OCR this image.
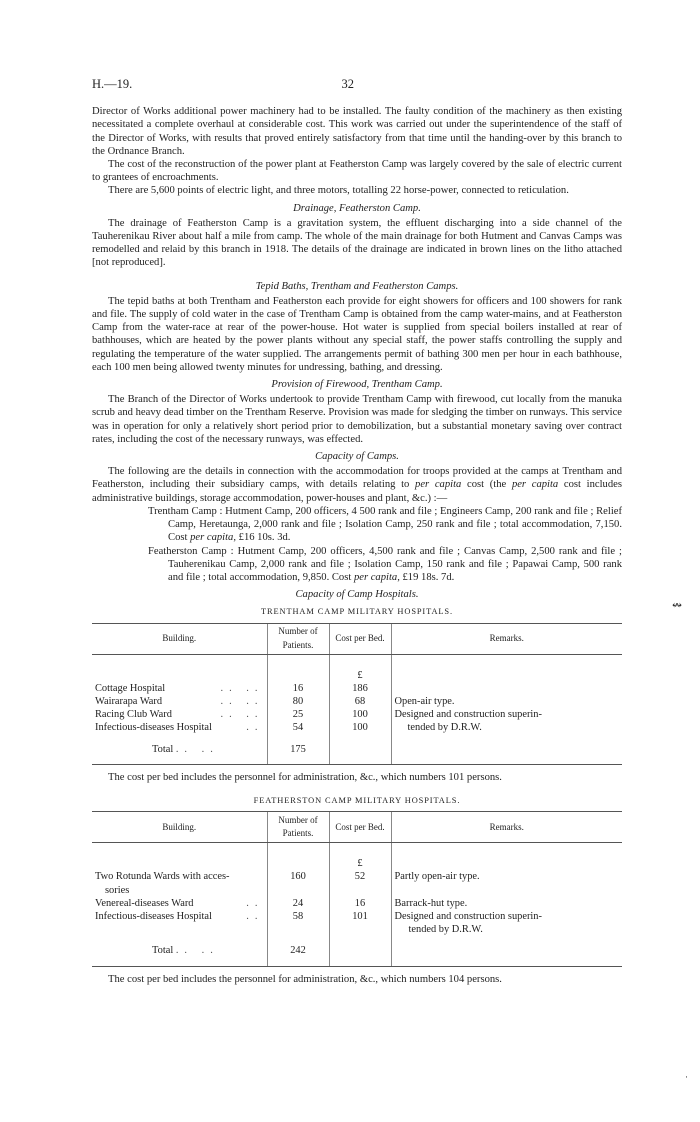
H.—19.	32

Director of Works additional power machinery had to be installed. The faulty condition of the machinery as then existing necessitated a complete overhaul at considerable cost. This work was carried out under the superintendence of the staff of the Director of Works, with results that proved entirely satisfactory from that time until the handing-over by this branch to the Ordnance Branch.

The cost of the reconstruction of the power plant at Featherston Camp was largely covered by the sale of electric current to grantees of encroachments.

There are 5,600 points of electric light, and three motors, totalling 22 horse-power, connected to reticulation.

Drainage, Featherston Camp.

The drainage of Featherston Camp is a gravitation system, the effluent discharging into a side channel of the Tauherenikau River about half a mile from camp. The whole of the main drainage for both Hutment and Canvas Camps was remodelled and relaid by this branch in 1918. The details of the drainage are indicated in brown lines on the litho attached [not reproduced].

Tepid Baths, Trentham and Featherston Camps.

The tepid baths at both Trentham and Featherston each provide for eight showers for officers and 100 showers for rank and file. The supply of cold water in the case of Trentham Camp is obtained from the camp water-mains, and at Featherston Camp from the water-race at rear of the power-house. Hot water is supplied from special boilers installed at rear of bathhouses, which are heated by the power plants without any special staff, the power staffs controlling the supply and regulating the temperature of the water supplied. The arrangements permit of bathing 300 men per hour in each bathhouse, each 100 men being allowed twenty minutes for undressing, bathing, and dressing.

Provision of Firewood, Trentham Camp.

The Branch of the Director of Works undertook to provide Trentham Camp with firewood, cut locally from the manuka scrub and heavy dead timber on the Trentham Reserve. Provision was made for sledging the timber on runways. This service was in operation for only a relatively short period prior to demobilization, but a substantial monetary saving over contract rates, including the cost of the necessary runways, was effected.

Capacity of Camps.

The following are the details in connection with the accommodation for troops provided at the camps at Trentham and Featherston, including their subsidiary camps, with details relating to per capita cost (the per capita cost includes administrative buildings, storage accommodation, power-houses and plant, &c.) :—

Trentham Camp : Hutment Camp, 200 officers, 4 500 rank and file ; Engineers Camp, 200 rank and file ; Relief Camp, Heretaunga, 2,000 rank and file ; Isolation Camp, 250 rank and file ; total accommodation, 7,150. Cost per capita, £16 10s. 3d.

Featherston Camp : Hutment Camp, 200 officers, 4,500 rank and file ; Canvas Camp, 2,500 rank and file ; Tauherenikau Camp, 2,000 rank and file ; Isolation Camp, 150 rank and file ; Papawai Camp, 500 rank and file ; total accommodation, 9,850. Cost per capita, £19 18s. 7d.

Capacity of Camp Hospitals.
TRENTHAM CAMP MILITARY HOSPITALS.
Building.	Number of Patients.	Cost per Bed.	Remarks.
		£	

Cottage Hospital	.. ..	16	186	

Wairarapa Ward	.. ..	80	68	Open-air type.

Racing Club Ward	.. ..	25	100	Designed and construction superin-

Infectious-diseases Hospital	..	54	100	tended by D.R.W.
Total .. ..	175		

The cost per bed includes the personnel for administration, &c., which numbers 101 persons.

FEATHERSTON CAMP MILITARY HOSPITALS.
Building.	Number of Patients.	Cost per Bed.	Remarks.
		£	
Two Rotunda Wards with acces-
sories	160	52	Partly open-air type.

Venereal-diseases Ward	..	24	16	Barrack-hut type.

Infectious-diseases Hospital	..	58	101	Designed and construction superin-
tended by D.R.W.
Total .. ..	242		

The cost per bed includes the personnel for administration, &c., which numbers 104 persons.

↭
·
